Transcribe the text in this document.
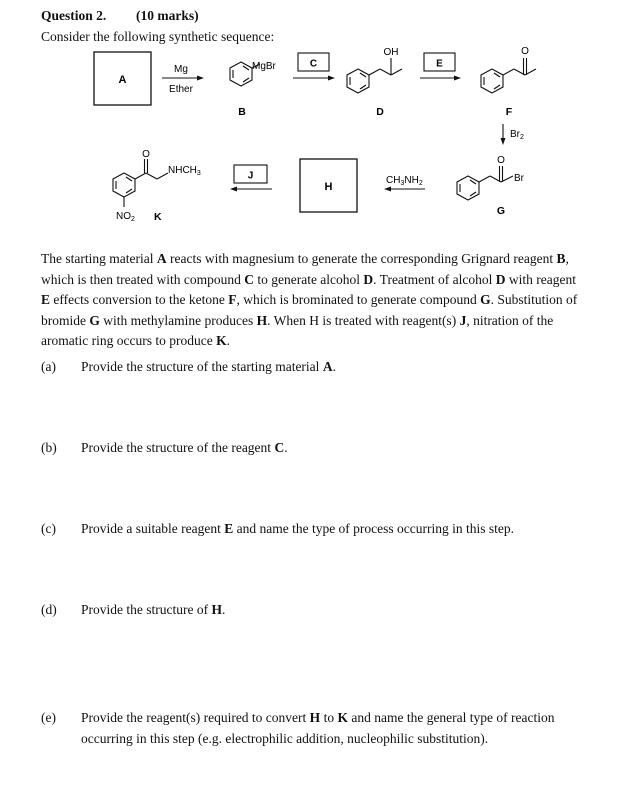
Question 2. (10 marks)
Consider the following synthetic sequence:
A
Mg
Ether
MgBr
B
C
OH
D
E
O
F
$Br_2$
O
Br
G
$CH_3NH_2$
H
J
O
$NHCH_3$
$NO_2$ K
The starting material A reacts with magnesium to generate the corresponding Grignard reagent B, which is then treated with compound C to generate alcohol D. Treatment of alcohol D with reagent E effects conversion to the ketone F, which is brominated to generate compound G. Substitution of bromide G with methylamine produces H. When H is treated with reagent(s) J, nitration of the aromatic ring occurs to produce K.
(a) Provide the structure of the starting material A.
(b) Provide the structure of the reagent C.
(c) Provide a suitable reagent E and name the type of process occurring in this step.
(d) Provide the structure of H.
(e) Provide the reagent(s) required to convert H to K and name the general type of reaction occurring in this step (e.g. electrophilic addition, nucleophilic substitution).
